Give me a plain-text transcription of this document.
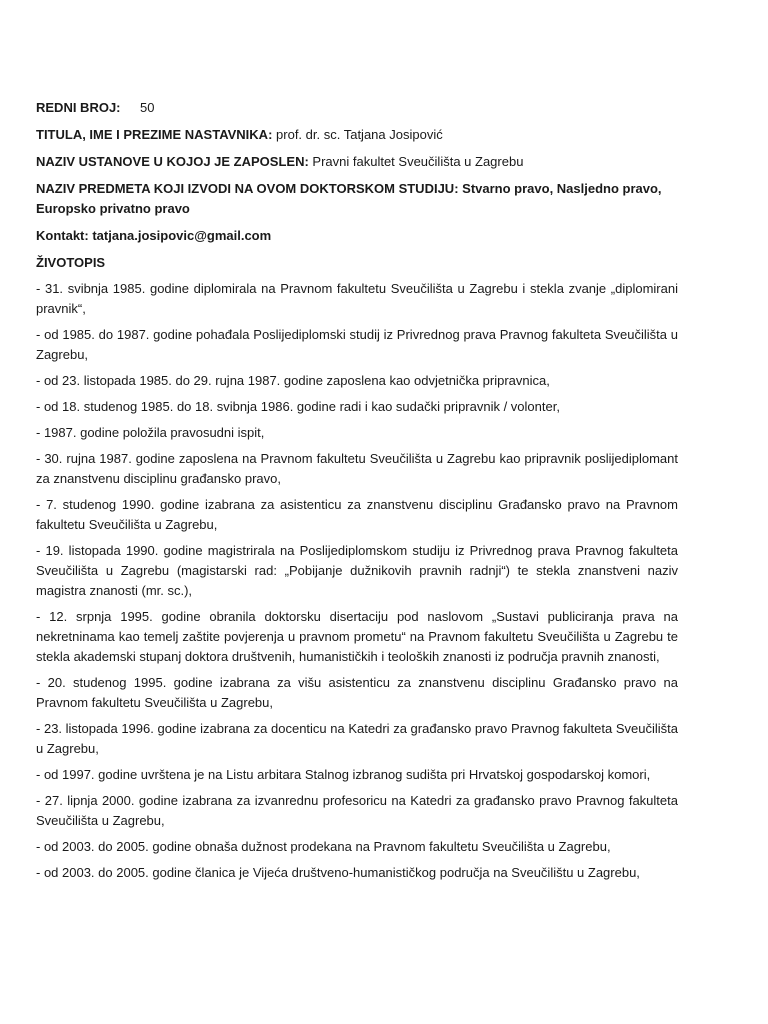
REDNI BROJ:	50
TITULA, IME I PREZIME NASTAVNIKA: prof. dr. sc. Tatjana Josipović
NAZIV USTANOVE U KOJOJ JE ZAPOSLEN: Pravni fakultet Sveučilišta u Zagrebu
NAZIV PREDMETA KOJI IZVODI NA OVOM DOKTORSKOM STUDIJU: Stvarno pravo, Nasljedno pravo, Europsko privatno pravo
Kontakt: tatjana.josipovic@gmail.com
ŽIVOTOPIS

- 31. svibnja 1985. godine diplomirala na Pravnom fakultetu Sveučilišta u Zagrebu i stekla zvanje „diplomirani pravnik“,

- od 1985. do 1987. godine pohađala Poslijediplomski studij iz Privrednog prava Pravnog fakulteta Sveučilišta u Zagrebu,

- od 23. listopada 1985. do 29. rujna 1987. godine zaposlena kao odvjetnička pripravnica,

- od 18. studenog 1985. do 18. svibnja 1986. godine radi i kao sudački pripravnik / volonter,

- 1987. godine položila pravosudni ispit,

- 30. rujna 1987. godine zaposlena na Pravnom fakultetu Sveučilišta u Zagrebu kao pripravnik poslijediplomant za znanstvenu disciplinu građansko pravo,

- 7. studenog 1990. godine izabrana za asistenticu za znanstvenu disciplinu Građansko pravo na Pravnom fakultetu Sveučilišta u Zagrebu,

- 19. listopada 1990. godine magistrirala na Poslijediplomskom studiju iz Privrednog prava Pravnog fakulteta Sveučilišta u Zagrebu (magistarski rad: „Pobijanje dužnikovih pravnih radnji“) te stekla znanstveni naziv magistra znanosti (mr. sc.),

- 12. srpnja 1995. godine obranila doktorsku disertaciju pod naslovom „Sustavi publiciranja prava na nekretninama kao temelj zaštite povjerenja u pravnom prometu“ na Pravnom fakultetu Sveučilišta u Zagrebu te stekla akademski stupanj doktora društvenih, humanističkih i teoloških znanosti iz područja pravnih znanosti,

- 20. studenog 1995. godine izabrana za višu asistenticu za znanstvenu disciplinu Građansko pravo na Pravnom fakultetu Sveučilišta u Zagrebu,

- 23. listopada 1996. godine izabrana za docenticu na Katedri za građansko pravo Pravnog fakulteta Sveučilišta u Zagrebu,

- od 1997. godine uvrštena je na Listu arbitara Stalnog izbranog sudišta pri Hrvatskoj gospodarskoj komori,

- 27. lipnja 2000. godine izabrana za izvanrednu profesoricu na Katedri za građansko pravo Pravnog fakulteta Sveučilišta u Zagrebu,

- od 2003. do 2005. godine obnaša dužnost prodekana na Pravnom fakultetu Sveučilišta u Zagrebu,

- od 2003. do 2005. godine članica je Vijeća društveno-humanističkog područja na Sveučilištu u Zagrebu,
